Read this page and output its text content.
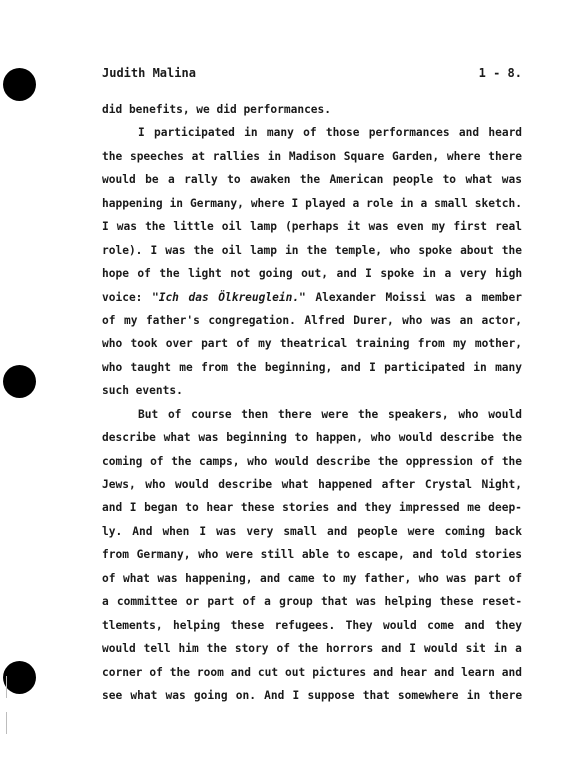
Judith Malina	1 - 8.
did benefits, we did performances.
I participated in many of those performances and heard
the speeches at rallies in Madison Square Garden, where there
would be a rally to awaken the American people to what was
happening in Germany, where I played a role in a small sketch.
I was the little oil lamp (perhaps it was even my first real
role). I was the oil lamp in the temple, who spoke about the
hope of the light not going out, and I spoke in a very high
voice: "Ich das Ölkreuglein." Alexander Moissi was a member
of my father's congregation. Alfred Durer, who was an actor,
who took over part of my theatrical training from my mother,
who taught me from the beginning, and I participated in many
such events.
But of course then there were the speakers, who would
describe what was beginning to happen, who would describe the
coming of the camps, who would describe the oppression of the
Jews, who would describe what happened after Crystal Night,
and I began to hear these stories and they impressed me deep-
ly. And when I was very small and people were coming back
from Germany, who were still able to escape, and told stories
of what was happening, and came to my father, who was part of
a committee or part of a group that was helping these reset-
tlements, helping these refugees. They would come and they
would tell him the story of the horrors and I would sit in a
corner of the room and cut out pictures and hear and learn and
see what was going on. And I suppose that somewhere in there
